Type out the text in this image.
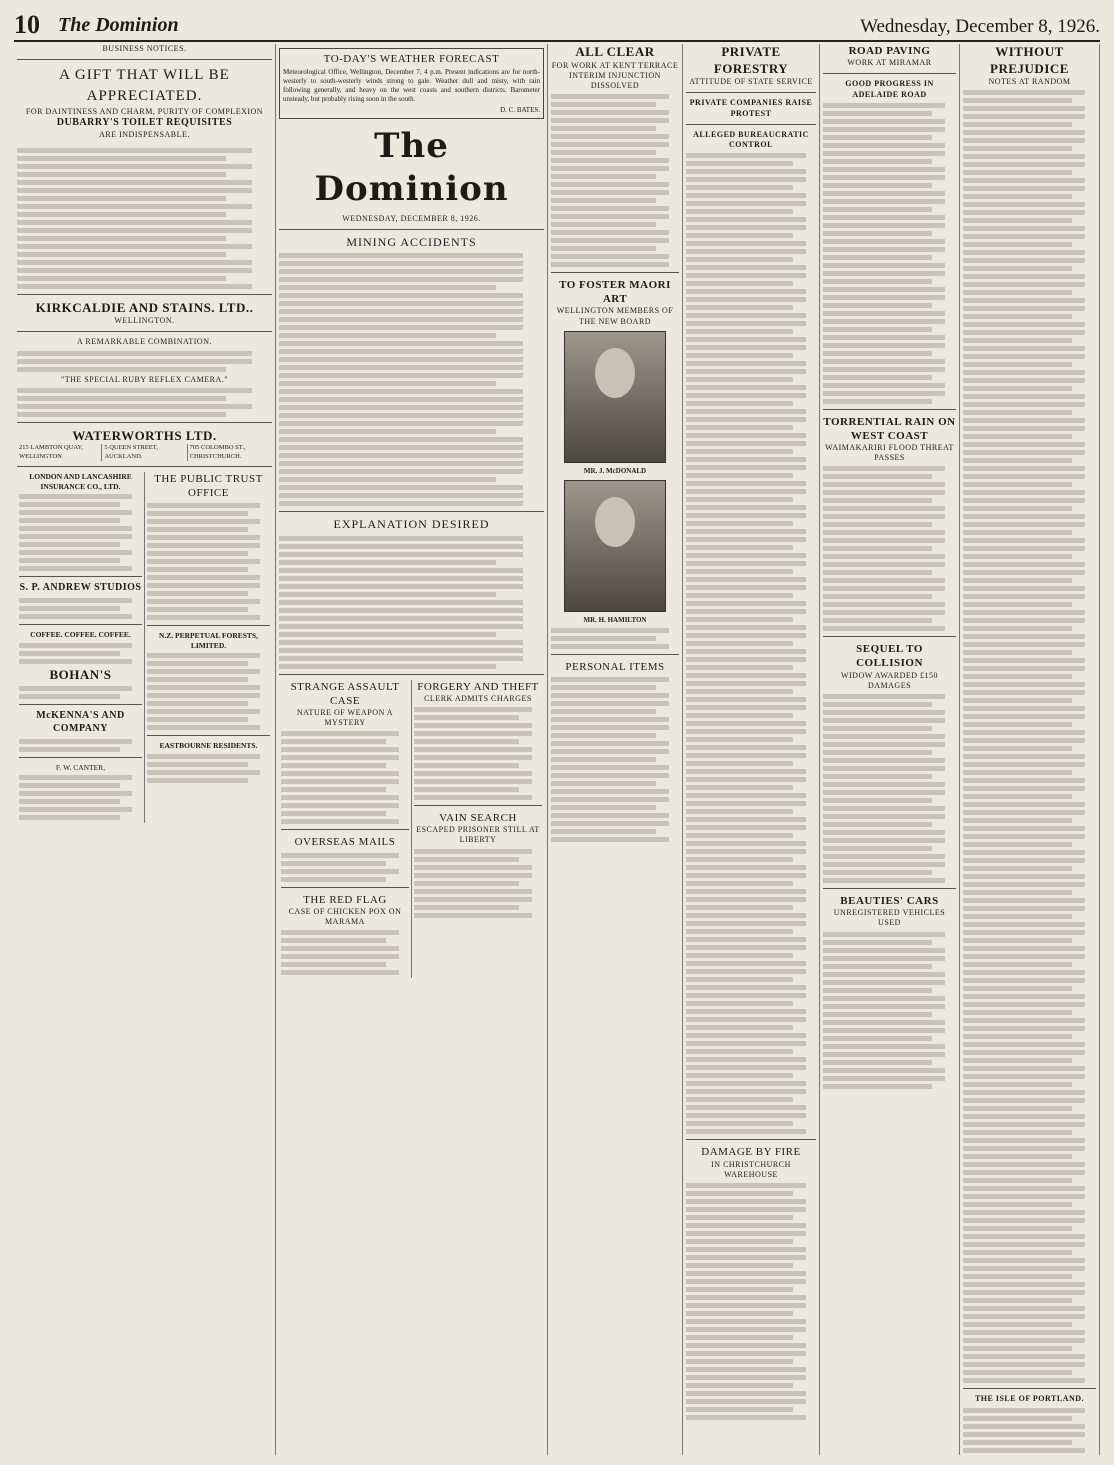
10 The Dominion	Wednesday, December 8, 1926.
BUSINESS NOTICES.
A GIFT THAT WILL BE APPRECIATED.
FOR DAINTINESS AND CHARM, PURITY OF COMPLEXION
DUBARRY'S TOILET REQUISITES
ARE INDISPENSABLE.
KIRKCALDIE AND STAINS. LTD..
WELLINGTON.
A REMARKABLE COMBINATION.
"THE SPECIAL RUBY REFLEX CAMERA."
WATERWORTHS LTD.
215 LAMBTON QUAY, WELLINGTON
5 QUEEN STREET, AUCKLAND.
705 COLOMBO ST., CHRISTCHURCH.
LONDON AND LANCASHIRE INSURANCE CO., LTD.
S. P. ANDREW STUDIOS
COFFEE. COFFEE. COFFEE.
BOHAN'S
McKENNA'S AND COMPANY
F. W. CANTER,
THE PUBLIC TRUST OFFICE
N.Z. PERPETUAL FORESTS, LIMITED.
EASTBOURNE RESIDENTS.
TO-DAY'S WEATHER FORECAST
Meteorological Office, Wellington, December 7, 4 p.m. Present indications are for north-westerly to south-westerly winds strong to gale. Weather dull and misty, with rain following generally, and heavy on the west coasts and southern districts. Barometer unsteady, but probably rising soon in the south.
D. C. BATES.
The Dominion
WEDNESDAY, DECEMBER 8, 1926.
MINING ACCIDENTS
EXPLANATION DESIRED
STRANGE ASSAULT CASE
NATURE OF WEAPON A MYSTERY
OVERSEAS MAILS
THE RED FLAG
CASE OF CHICKEN POX ON MARAMA
FORGERY AND THEFT
CLERK ADMITS CHARGES
VAIN SEARCH
ESCAPED PRISONER STILL AT LIBERTY
ALL CLEAR
FOR WORK AT KENT TERRACE
INTERIM INJUNCTION DISSOLVED
TO FOSTER MAORI ART
WELLINGTON MEMBERS OF THE NEW BOARD
MR. J. McDONALD
MR. H. HAMILTON
PERSONAL ITEMS
PRIVATE FORESTRY
ATTITUDE OF STATE SERVICE
PRIVATE COMPANIES RAISE PROTEST
ALLEGED BUREAUCRATIC CONTROL
DAMAGE BY FIRE
IN CHRISTCHURCH WAREHOUSE
ROAD PAVING
WORK AT MIRAMAR
GOOD PROGRESS IN ADELAIDE ROAD
TORRENTIAL RAIN ON WEST COAST
WAIMAKARIRI FLOOD THREAT PASSES
SEQUEL TO COLLISION
WIDOW AWARDED £150 DAMAGES
BEAUTIES' CARS
UNREGISTERED VEHICLES USED
WITHOUT PREJUDICE
NOTES AT RANDOM
THE ISLE OF PORTLAND.
